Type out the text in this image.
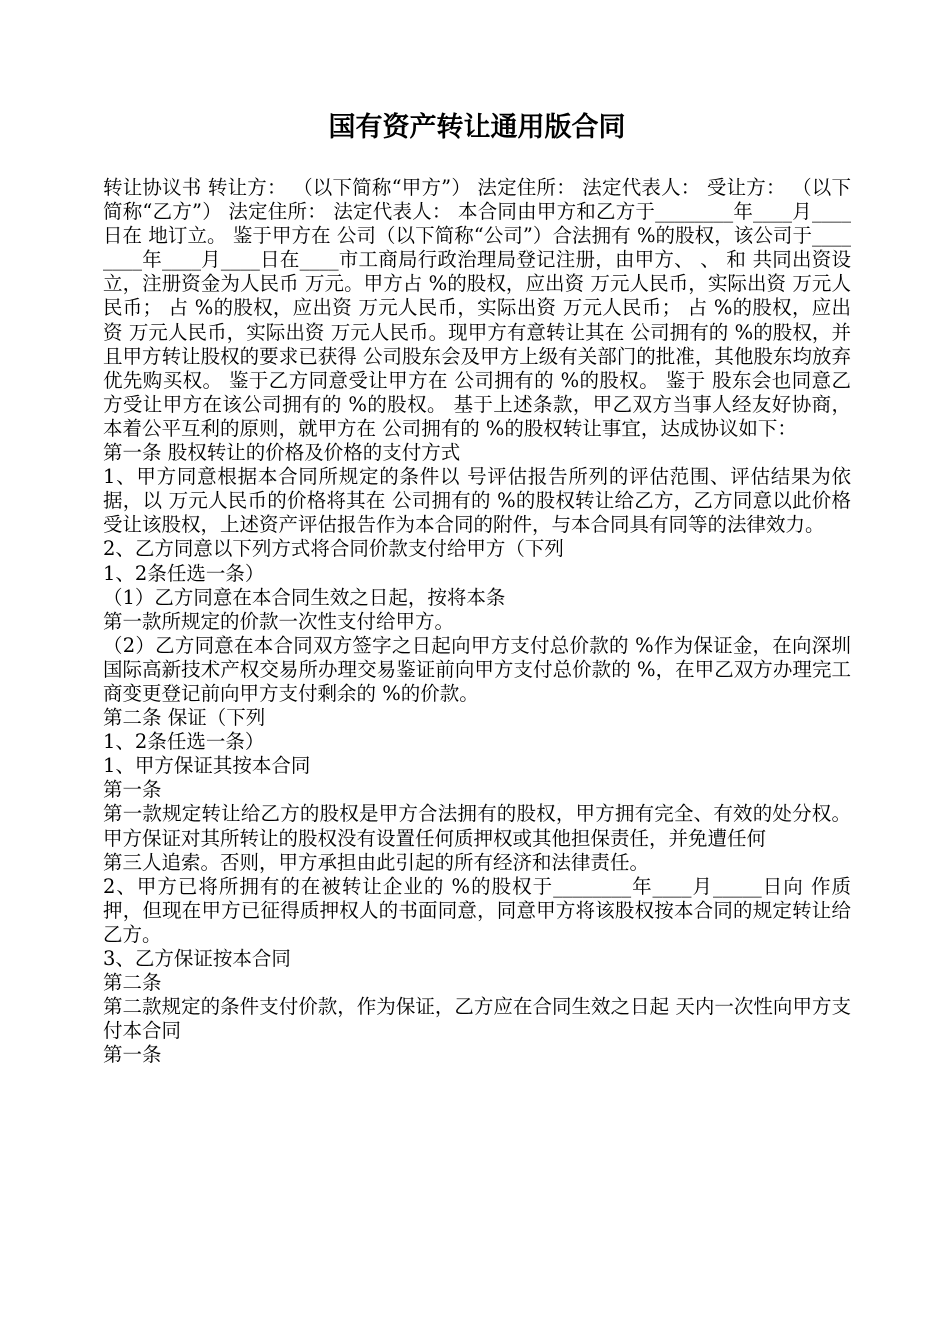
国有资产转让通用版合同

转让协议书 转让方： （以下简称“甲方”） 法定住所： 法定代表人： 受让方： （以下简称“乙方”） 法定住所： 法定代表人： 本合同由甲方和乙方于________年____月____日在 地订立。 鉴于甲方在 公司（以下简称“公司”）合法拥有 %的股权，该公司于________年____月____日在____市工商局行政治理局登记注册，由甲方、 、 和 共同出资设立，注册资金为人民币 万元。甲方占 %的股权，应出资 万元人民币，实际出资 万元人民币； 占 %的股权，应出资 万元人民币，实际出资 万元人民币； 占 %的股权，应出资 万元人民币，实际出资 万元人民币。现甲方有意转让其在 公司拥有的 %的股权，并且甲方转让股权的要求已获得 公司股东会及甲方上级有关部门的批准，其他股东均放弃优先购买权。 鉴于乙方同意受让甲方在 公司拥有的 %的股权。 鉴于 股东会也同意乙方受让甲方在该公司拥有的 %的股权。 基于上述条款，甲乙双方当事人经友好协商，本着公平互利的原则，就甲方在 公司拥有的 %的股权转让事宜，达成协议如下：

第一条 股权转让的价格及价格的支付方式

1、甲方同意根据本合同所规定的条件以 号评估报告所列的评估范围、评估结果为依据，以 万元人民币的价格将其在 公司拥有的 %的股权转让给乙方，乙方同意以此价格受让该股权，上述资产评估报告作为本合同的附件，与本合同具有同等的法律效力。

2、乙方同意以下列方式将合同价款支付给甲方（下列

1、2条任选一条）

（1）乙方同意在本合同生效之日起，按将本条

第一款所规定的价款一次性支付给甲方。

（2）乙方同意在本合同双方签字之日起向甲方支付总价款的 %作为保证金，在向深圳国际高新技术产权交易所办理交易鉴证前向甲方支付总价款的 %，在甲乙双方办理完工商变更登记前向甲方支付剩余的 %的价款。

第二条 保证（下列

1、2条任选一条）

1、甲方保证其按本合同

第一条

第一款规定转让给乙方的股权是甲方合法拥有的股权，甲方拥有完全、有效的处分权。甲方保证对其所转让的股权没有设置任何质押权或其他担保责任，并免遭任何

第三人追索。否则，甲方承担由此引起的所有经济和法律责任。

2、甲方已将所拥有的在被转让企业的 %的股权于________年____月_____日向 作质押，但现在甲方已征得质押权人的书面同意，同意甲方将该股权按本合同的规定转让给乙方。

3、乙方保证按本合同

第二条

第二款规定的条件支付价款，作为保证，乙方应在合同生效之日起 天内一次性向甲方支付本合同

第一条
